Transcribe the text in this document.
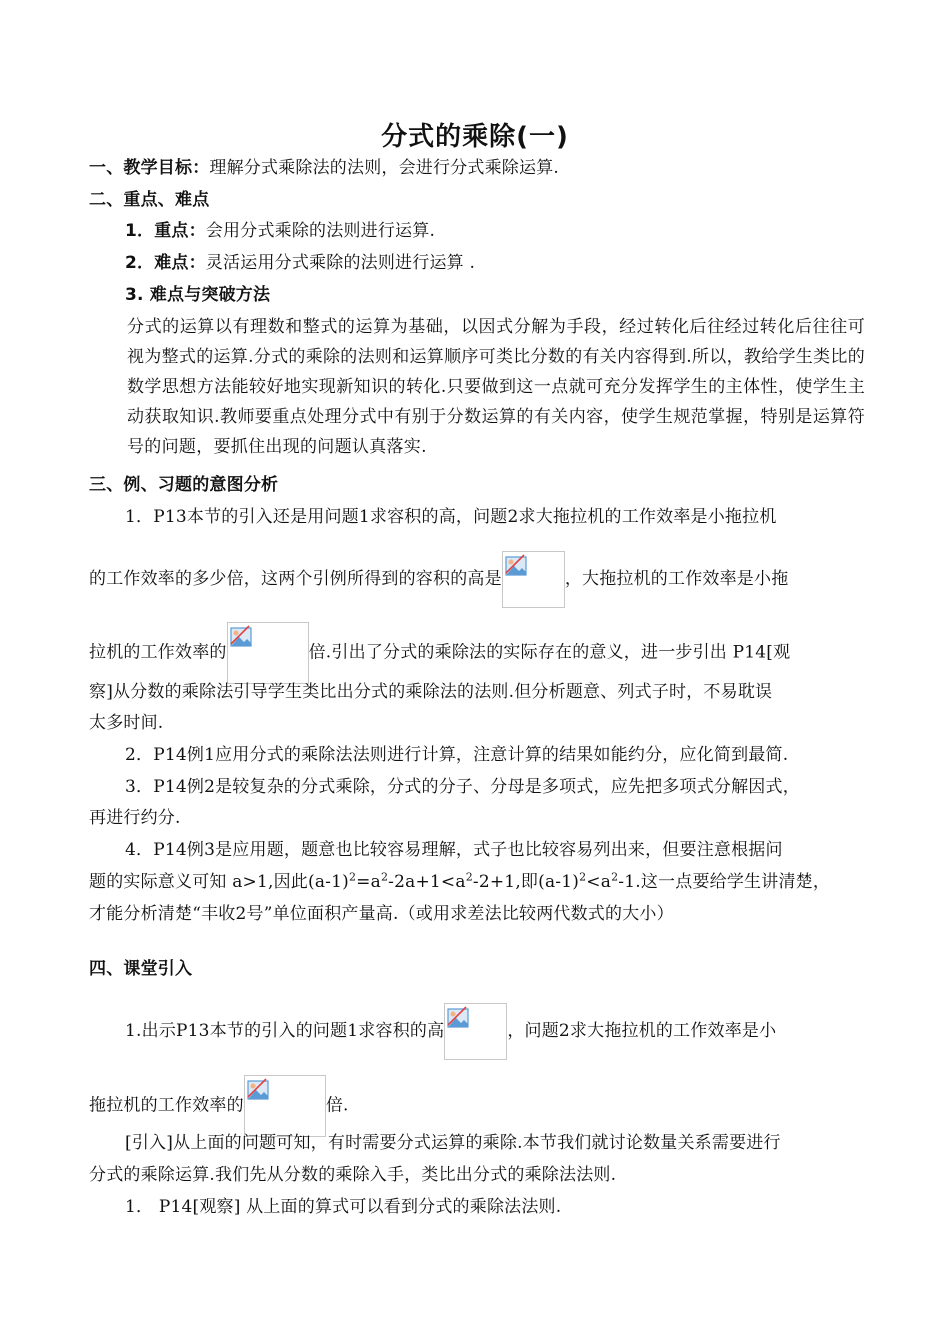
分式的乘除(一)
一、教学目标：理解分式乘除法的法则，会进行分式乘除运算.
二、重点、难点
1．重点：会用分式乘除的法则进行运算.
2．难点：灵活运用分式乘除的法则进行运算 .
3. 难点与突破方法
分式的运算以有理数和整式的运算为基础，以因式分解为手段，经过转化后往经过转化后往往可视为整式的运算.分式的乘除的法则和运算顺序可类比分数的有关内容得到.所以，教给学生类比的数学思想方法能较好地实现新知识的转化.只要做到这一点就可充分发挥学生的主体性，使学生主动获取知识.教师要重点处理分式中有别于分数运算的有关内容，使学生规范掌握，特别是运算符号的问题，要抓住出现的问题认真落实.
三、例、习题的意图分析
1．P13本节的引入还是用问题1求容积的高，问题2求大拖拉机的工作效率是小拖拉机
的工作效率的多少倍，这两个引例所得到的容积的高是	，大拖拉机的工作效率是小拖
拉机的工作效率的	倍.引出了分式的乘除法的实际存在的意义，进一步引出 P14[观
察]从分数的乘除法引导学生类比出分式的乘除法的法则.但分析题意、列式子时，不易耽误
太多时间.
2．P14例1应用分式的乘除法法则进行计算，注意计算的结果如能约分，应化简到最简.
3．P14例2是较复杂的分式乘除，分式的分子、分母是多项式，应先把多项式分解因式，
再进行约分.
4．P14例3是应用题，题意也比较容易理解，式子也比较容易列出来，但要注意根据问
题的实际意义可知 a>1,因此$(a-1)^2=a^2-2a+1<a^2-2+1$,即$(a-1)^2<a^2-1$.这一点要给学生讲清楚，
才能分析清楚“丰收2号”单位面积产量高.（或用求差法比较两代数式的大小）
四、课堂引入
1.出示P13本节的引入的问题1求容积的高	，问题2求大拖拉机的工作效率是小
拖拉机的工作效率的	倍.
[引入]从上面的问题可知，有时需要分式运算的乘除.本节我们就讨论数量关系需要进行
分式的乘除运算.我们先从分数的乘除入手，类比出分式的乘除法法则.
1． P14[观察] 从上面的算式可以看到分式的乘除法法则.
